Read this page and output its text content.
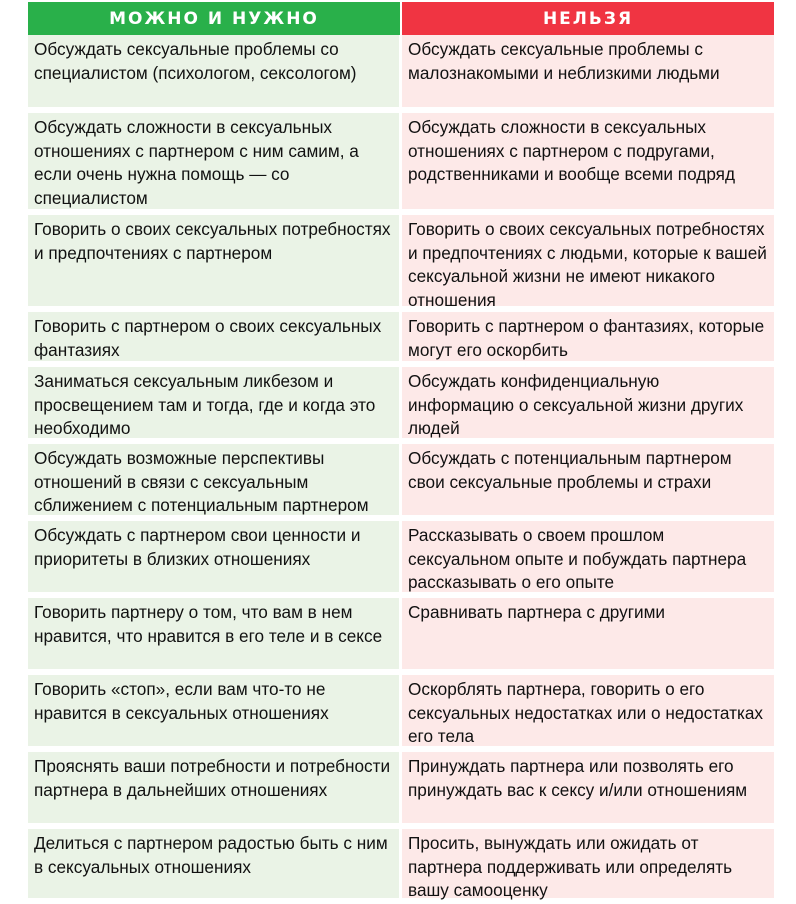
МОЖНО И НУЖНО	НЕЛЬЗЯ
Обсуждать сексуальные проблемы со специалистом (психологом, сексологом)
Обсуждать сексуальные проблемы с малознакомыми и неблизкими людьми
Обсуждать сложности в сексуальных отношениях с партнером с ним самим, а если очень нужна помощь — со специалистом
Обсуждать сложности в сексуальных отношениях с партнером с подругами, родственниками и вообще всеми подряд
Говорить о своих сексуальных потребностях и предпочтениях с партнером
Говорить о своих сексуальных потребностях и предпочтениях с людьми, которые к вашей сексуальной жизни не имеют никакого отношения
Говорить с партнером о своих сексуальных фантазиях
Говорить с партнером о фантазиях, которые могут его оскорбить
Заниматься сексуальным ликбезом и просвещением там и тогда, где и когда это необходимо
Обсуждать конфиденциальную информацию о сексуальной жизни других людей
Обсуждать возможные перспективы отношений в связи с сексуальным сближением с потенциальным партнером
Обсуждать с потенциальным партнером свои сексуальные проблемы и страхи
Обсуждать с партнером свои ценности и приоритеты в близких отношениях
Рассказывать о своем прошлом сексуальном опыте и побуждать партнера рассказывать о его опыте
Говорить партнеру о том, что вам в нем нравится, что нравится в его теле и в сексе
Сравнивать партнера с другими
Говорить «стоп», если вам что-то не нравится в сексуальных отношениях
Оскорблять партнера, говорить о его сексуальных недостатках или о недостатках его тела
Прояснять ваши потребности и потребности партнера в дальнейших отношениях
Принуждать партнера или позволять его принуждать вас к сексу и/или отношениям
Делиться с партнером радостью быть с ним в сексуальных отношениях
Просить, вынуждать или ожидать от партнера поддерживать или определять вашу самооценку
